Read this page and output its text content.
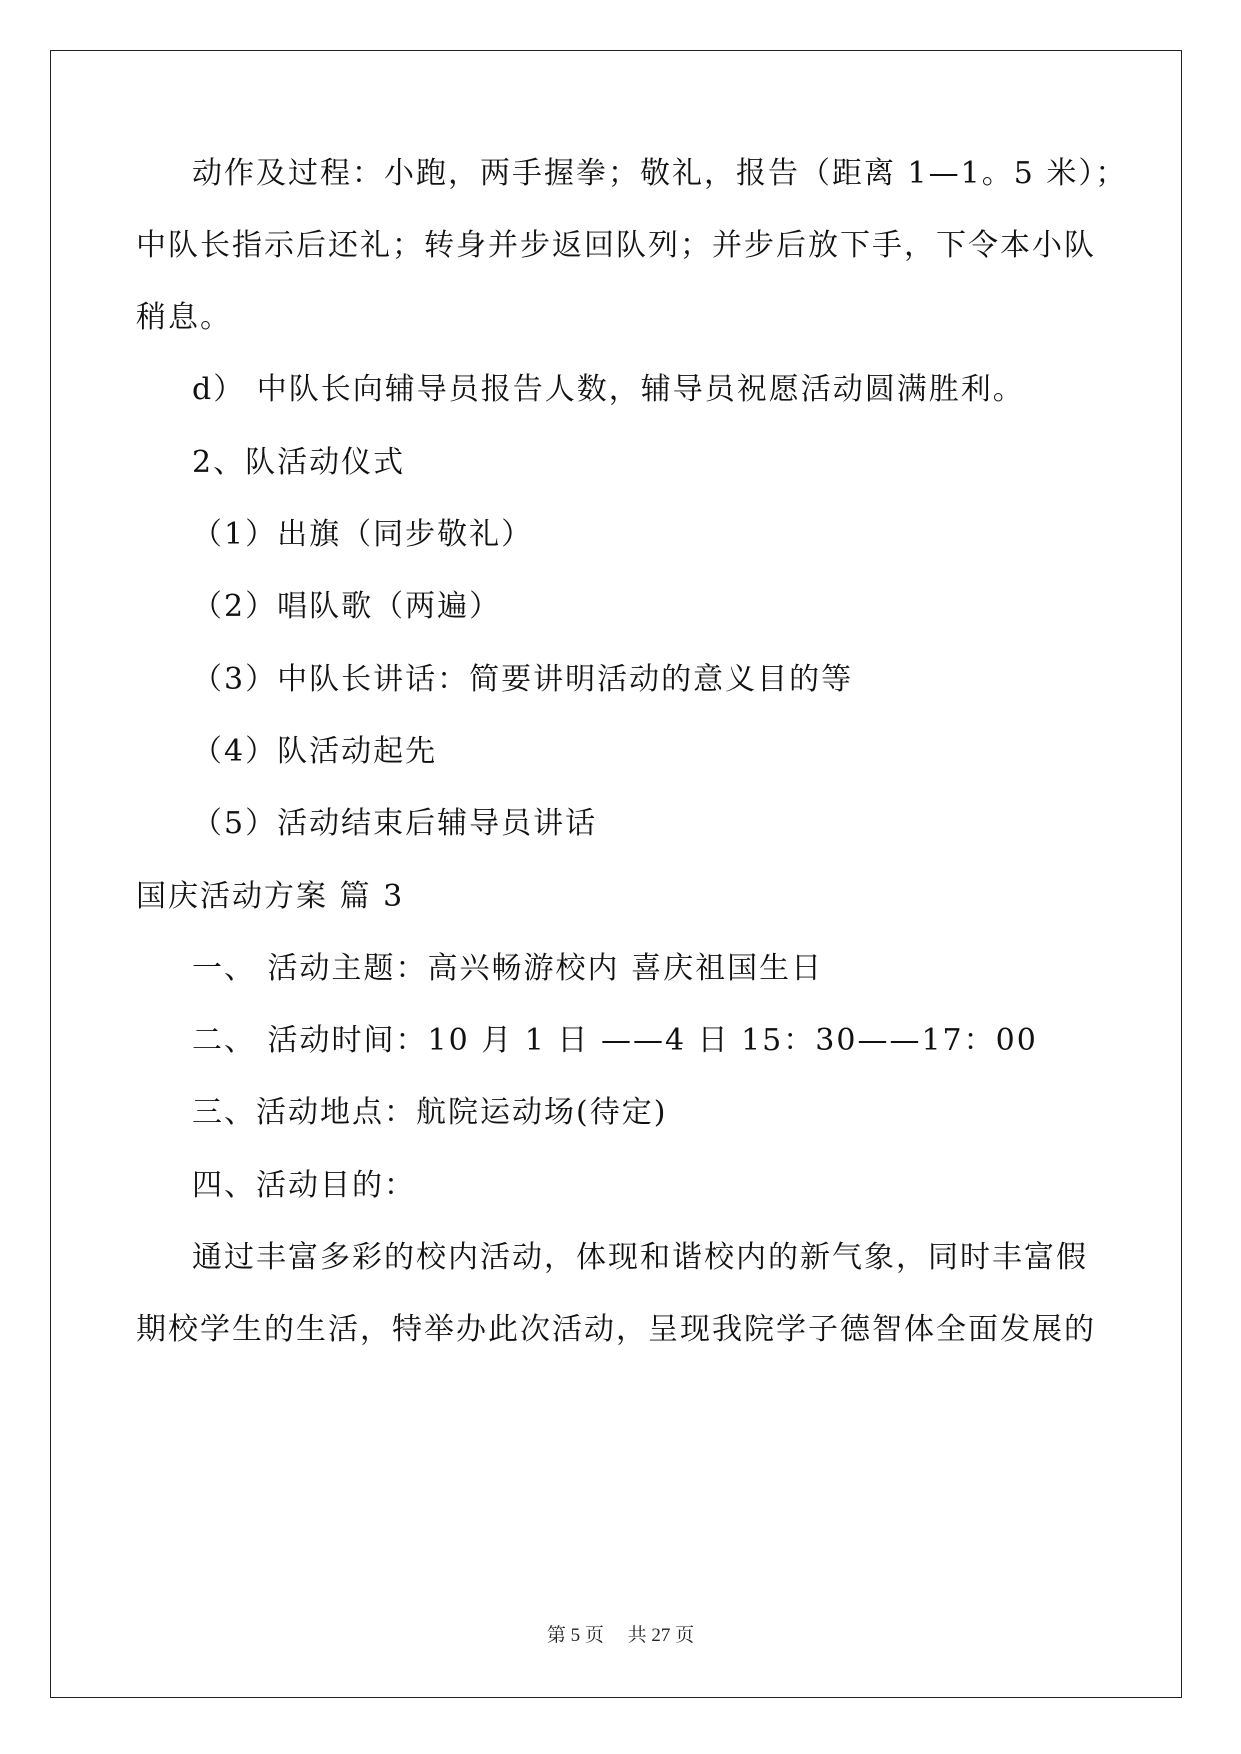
动作及过程：小跑，两手握拳；敬礼，报告（距离 1—1。5 米）；
中队长指示后还礼；转身并步返回队列；并步后放下手，下令本小队
稍息。
d） 中队长向辅导员报告人数，辅导员祝愿活动圆满胜利。
2、队活动仪式
（1）出旗（同步敬礼）
（2）唱队歌（两遍）
（3）中队长讲话：简要讲明活动的意义目的等
（4）队活动起先
（5）活动结束后辅导员讲话
国庆活动方案 篇 3
一、 活动主题：高兴畅游校内 喜庆祖国生日
二、 活动时间：10 月 1 日 ——4 日 15：30——17：00
三、活动地点：航院运动场(待定)
四、活动目的：
通过丰富多彩的校内活动，体现和谐校内的新气象，同时丰富假
期校学生的生活，特举办此次活动，呈现我院学子德智体全面发展的
第 5 页 共 27 页
